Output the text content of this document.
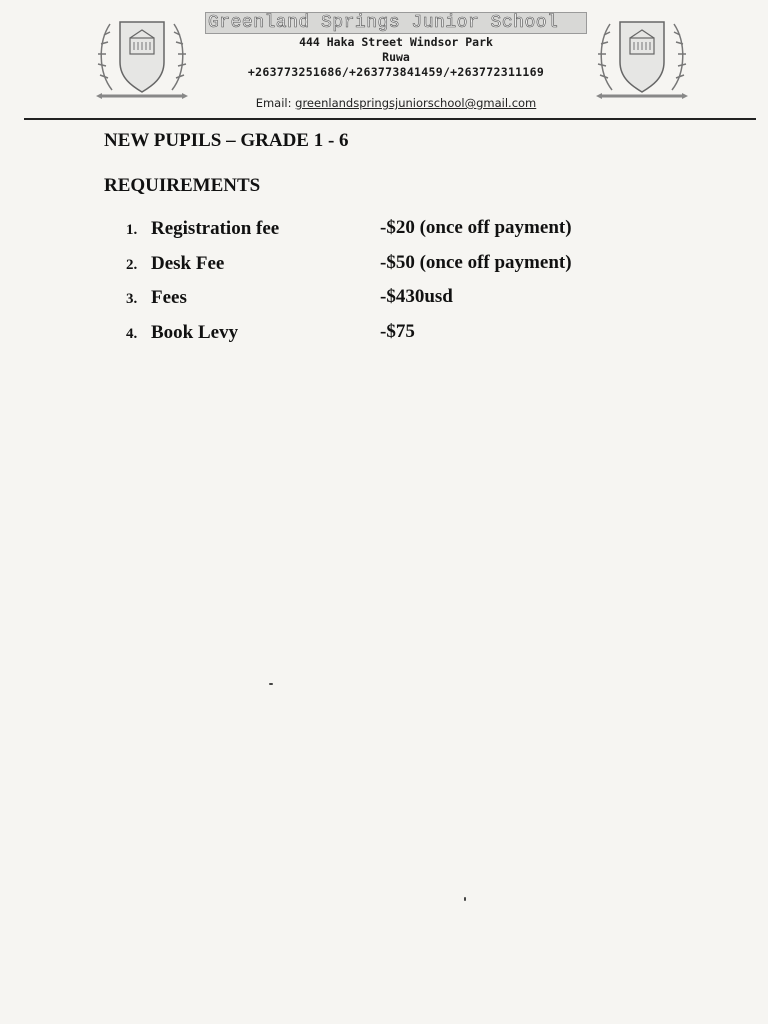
Greenland Springs Junior School
444 Haka Street Windsor Park
Ruwa
+263773251686/+263773841459/+263772311169
Email: greenlandspringsjuniorschool@gmail.com
NEW PUPILS – GRADE 1 - 6
REQUIREMENTS
1. Registration fee	-$20 (once off payment)
2. Desk Fee	-$50 (once off payment)
3. Fees	-$430usd
4. Book Levy	-$75
